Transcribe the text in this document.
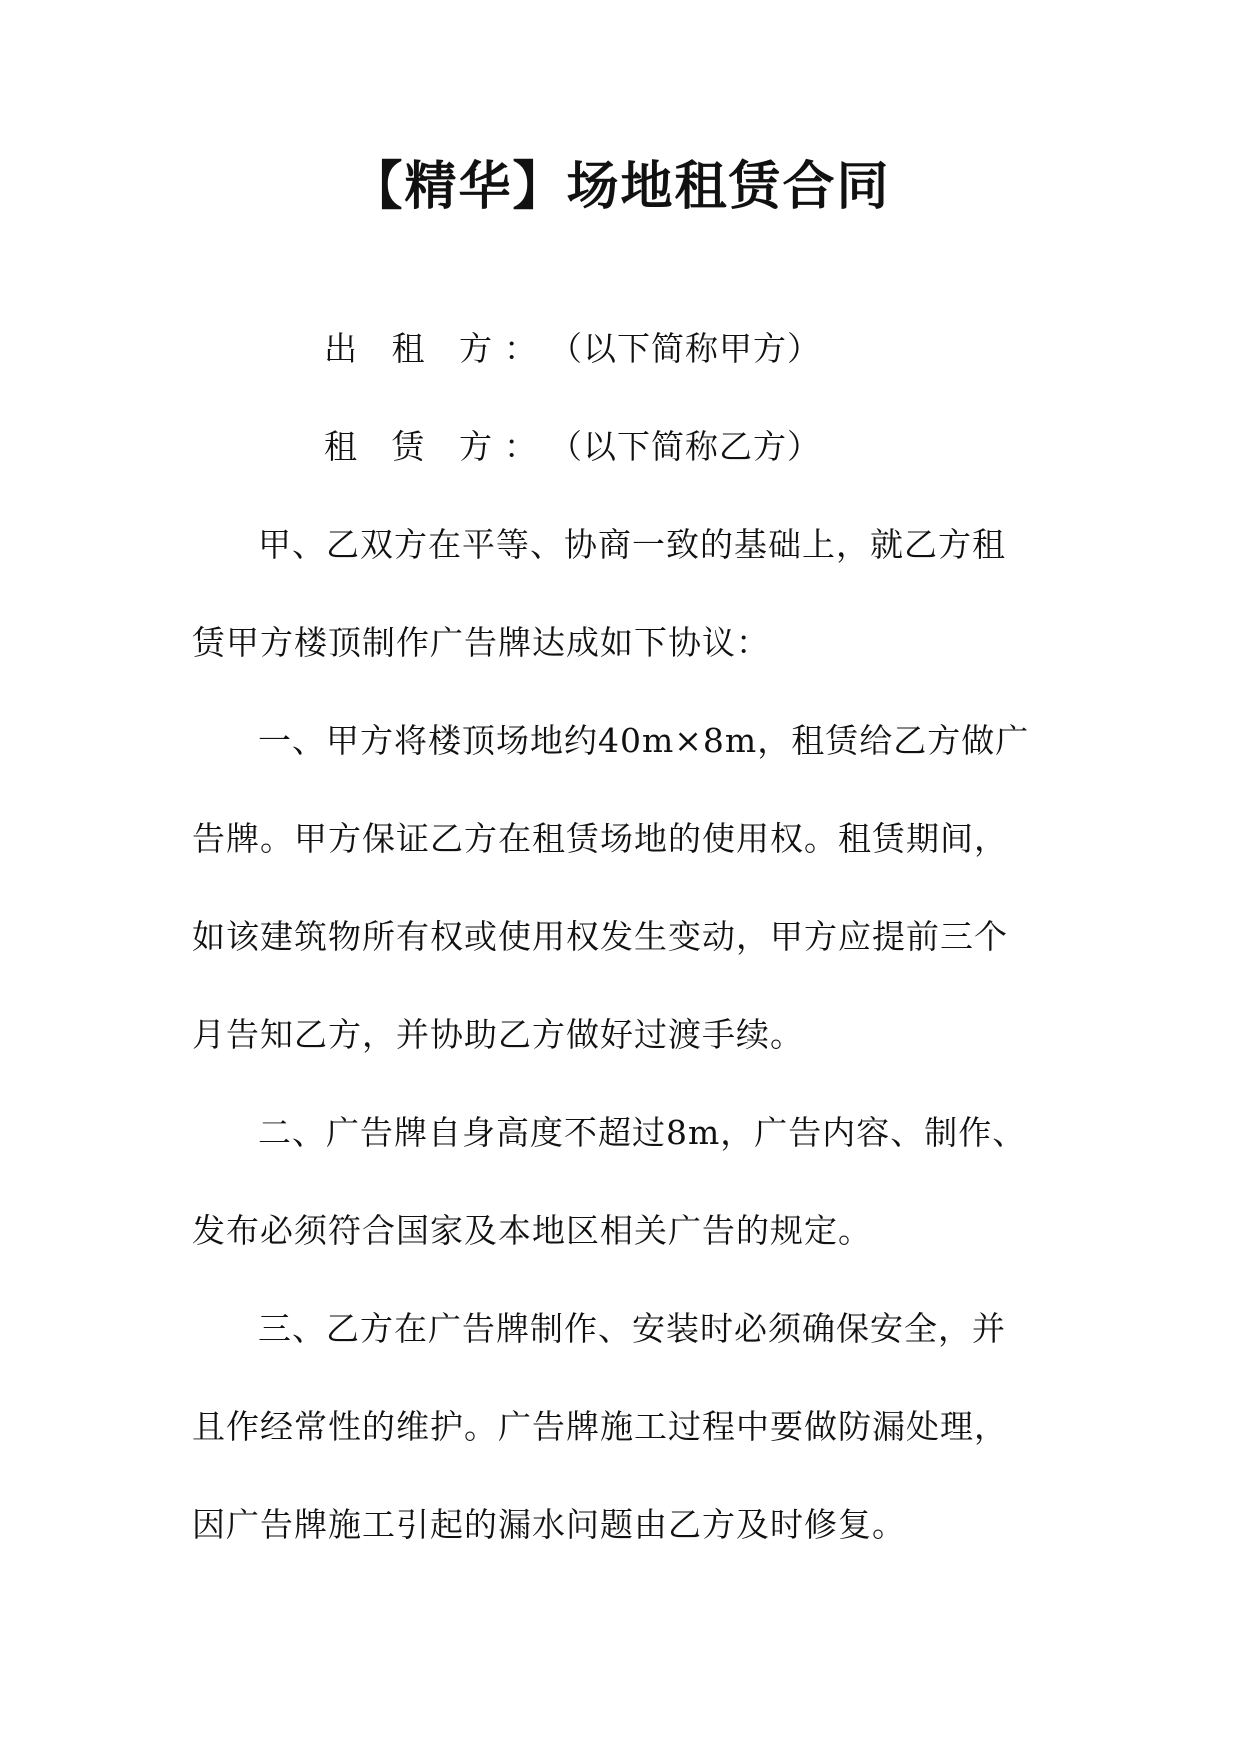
【精华】场地租赁合同

出 租 方：（以下简称甲方）

租 赁 方：（以下简称乙方）

甲、乙双方在平等、协商一致的基础上，就乙方租赁甲方楼顶制作广告牌达成如下协议：

一、甲方将楼顶场地约40m×8m，租赁给乙方做广告牌。甲方保证乙方在租赁场地的使用权。租赁期间，如该建筑物所有权或使用权发生变动，甲方应提前三个月告知乙方，并协助乙方做好过渡手续。

二、广告牌自身高度不超过8m，广告内容、制作、发布必须符合国家及本地区相关广告的规定。

三、乙方在广告牌制作、安装时必须确保安全，并且作经常性的维护。广告牌施工过程中要做防漏处理，因广告牌施工引起的漏水问题由乙方及时修复。
